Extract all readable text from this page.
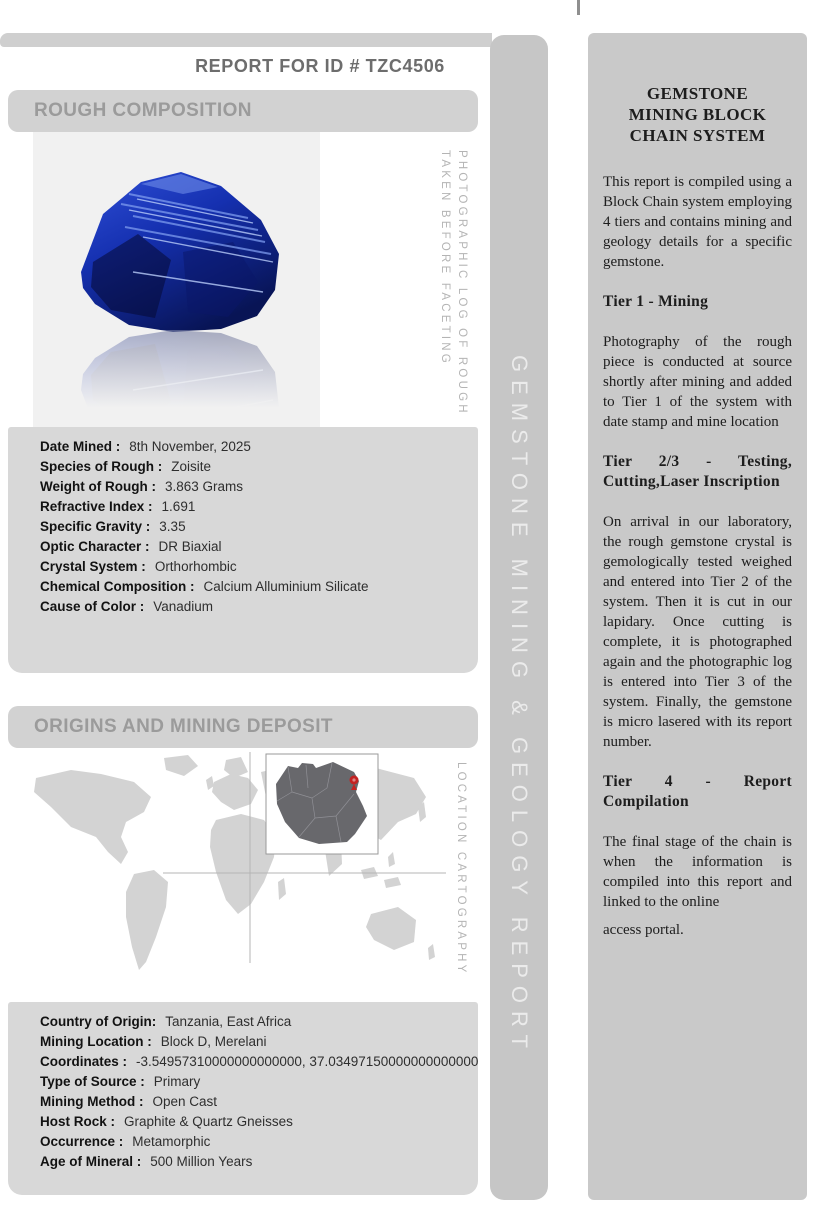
REPORT FOR ID # TZC4506
ROUGH COMPOSITION
PHOTOGRAPHIC LOG OF ROUGH
TAKEN BEFORE FACETING
Date Mined : 8th November, 2025
Species of Rough : Zoisite
Weight of Rough : 3.863 Grams
Refractive Index : 1.691
Specific Gravity : 3.35
Optic Character : DR Biaxial
Crystal System : Orthorhombic
Chemical Composition : Calcium Alluminium Silicate
Cause of Color : Vanadium
ORIGINS AND MINING DEPOSIT
LOCATION CARTOGRAPHY
Country of Origin: Tanzania, East Africa
Mining Location : Block D, Merelani
Coordinates : -3.54957310000000000000, 37.03497150000000000000
Type of Source : Primary
Mining Method : Open Cast
Host Rock : Graphite & Quartz Gneisses
Occurrence : Metamorphic
Age of Mineral : 500 Million Years
GEMSTONE MINING & GEOLOGY REPORT
GEMSTONE MINING BLOCK CHAIN SYSTEM

This report is compiled using a Block Chain system employing 4 tiers and contains mining and geology details for a specific gemstone.

Tier 1 - Mining

Photography of the rough piece is conducted at source shortly after mining and added to Tier 1 of the system with date stamp and mine location

Tier 2/3 - Testing, Cutting,Laser Inscription

On arrival in our laboratory, the rough gemstone crystal is gemologically tested weighed and entered into Tier 2 of the system. Then it is cut in our lapidary. Once cutting is complete, it is photographed again and the photographic log is entered into Tier 3 of the system. Finally, the gemstone is micro lasered with its report number.

Tier 4 - Report Compilation

The final stage of the chain is when the information is compiled into this report and linked to the online

access portal.
